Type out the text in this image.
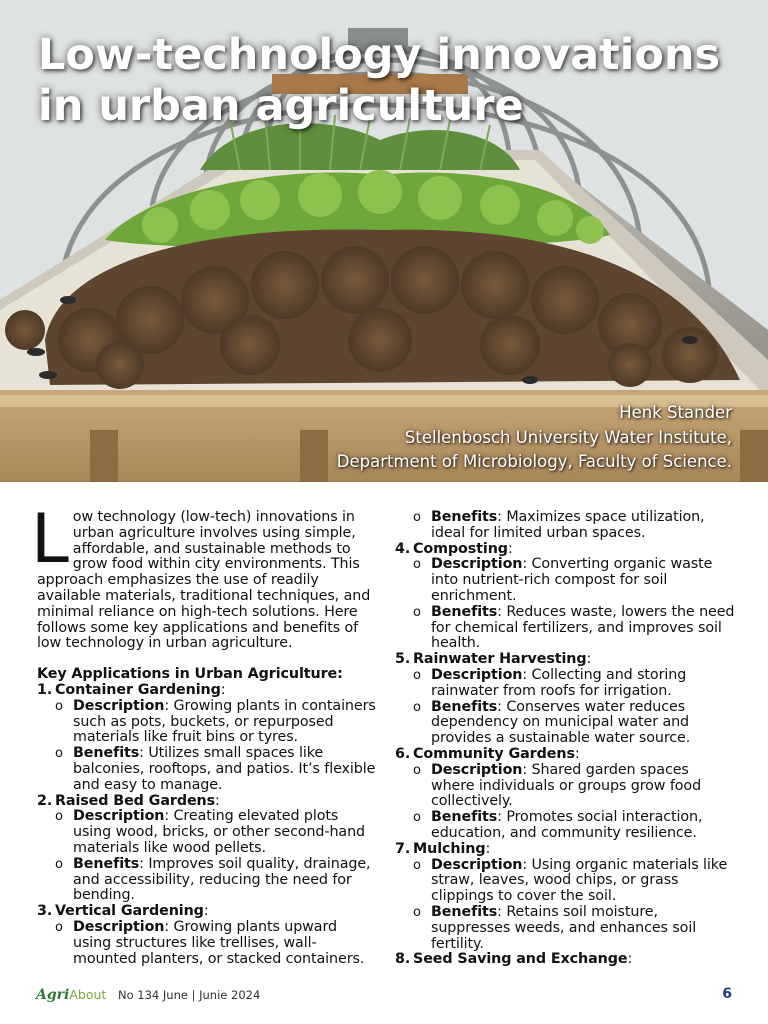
Low-technology innovations
in urban agriculture
Henk Stander
Stellenbosch University Water Institute,
Department of Microbiology, Faculty of Science.
L ow technology (low-tech) innovations in urban agriculture involves using simple, affordable, and sustainable methods to grow food within city environments. This approach emphasizes the use of readily available materials, traditional techniques, and minimal reliance on high-tech solutions. Here follows some key applications and benefits of low technology in urban agriculture.

Key Applications in Urban Agriculture:
1. Container Gardening:
o Description: Growing plants in containers such as pots, buckets, or repurposed materials like fruit bins or tyres.
o Benefits: Utilizes small spaces like balconies, rooftops, and patios. It’s flexible and easy to manage.
2. Raised Bed Gardens:
o Description: Creating elevated plots using wood, bricks, or other second-hand materials like wood pellets.
o Benefits: Improves soil quality, drainage, and accessibility, reducing the need for bending.
3. Vertical Gardening:
o Description: Growing plants upward using structures like trellises, wall-mounted planters, or stacked containers.
o Benefits: Maximizes space utilization, ideal for limited urban spaces.
4. Composting:
o Description: Converting organic waste into nutrient-rich compost for soil enrichment.
o Benefits: Reduces waste, lowers the need for chemical fertilizers, and improves soil health.
5. Rainwater Harvesting:
o Description: Collecting and storing rainwater from roofs for irrigation.
o Benefits: Conserves water reduces dependency on municipal water and provides a sustainable water source.
6. Community Gardens:
o Description: Shared garden spaces where individuals or groups grow food collectively.
o Benefits: Promotes social interaction, education, and community resilience.
7. Mulching:
o Description: Using organic materials like straw, leaves, wood chips, or grass clippings to cover the soil.
o Benefits: Retains soil moisture, suppresses weeds, and enhances soil fertility.
8. Seed Saving and Exchange:
AgriAbout No 134 June | Junie 2024	6
